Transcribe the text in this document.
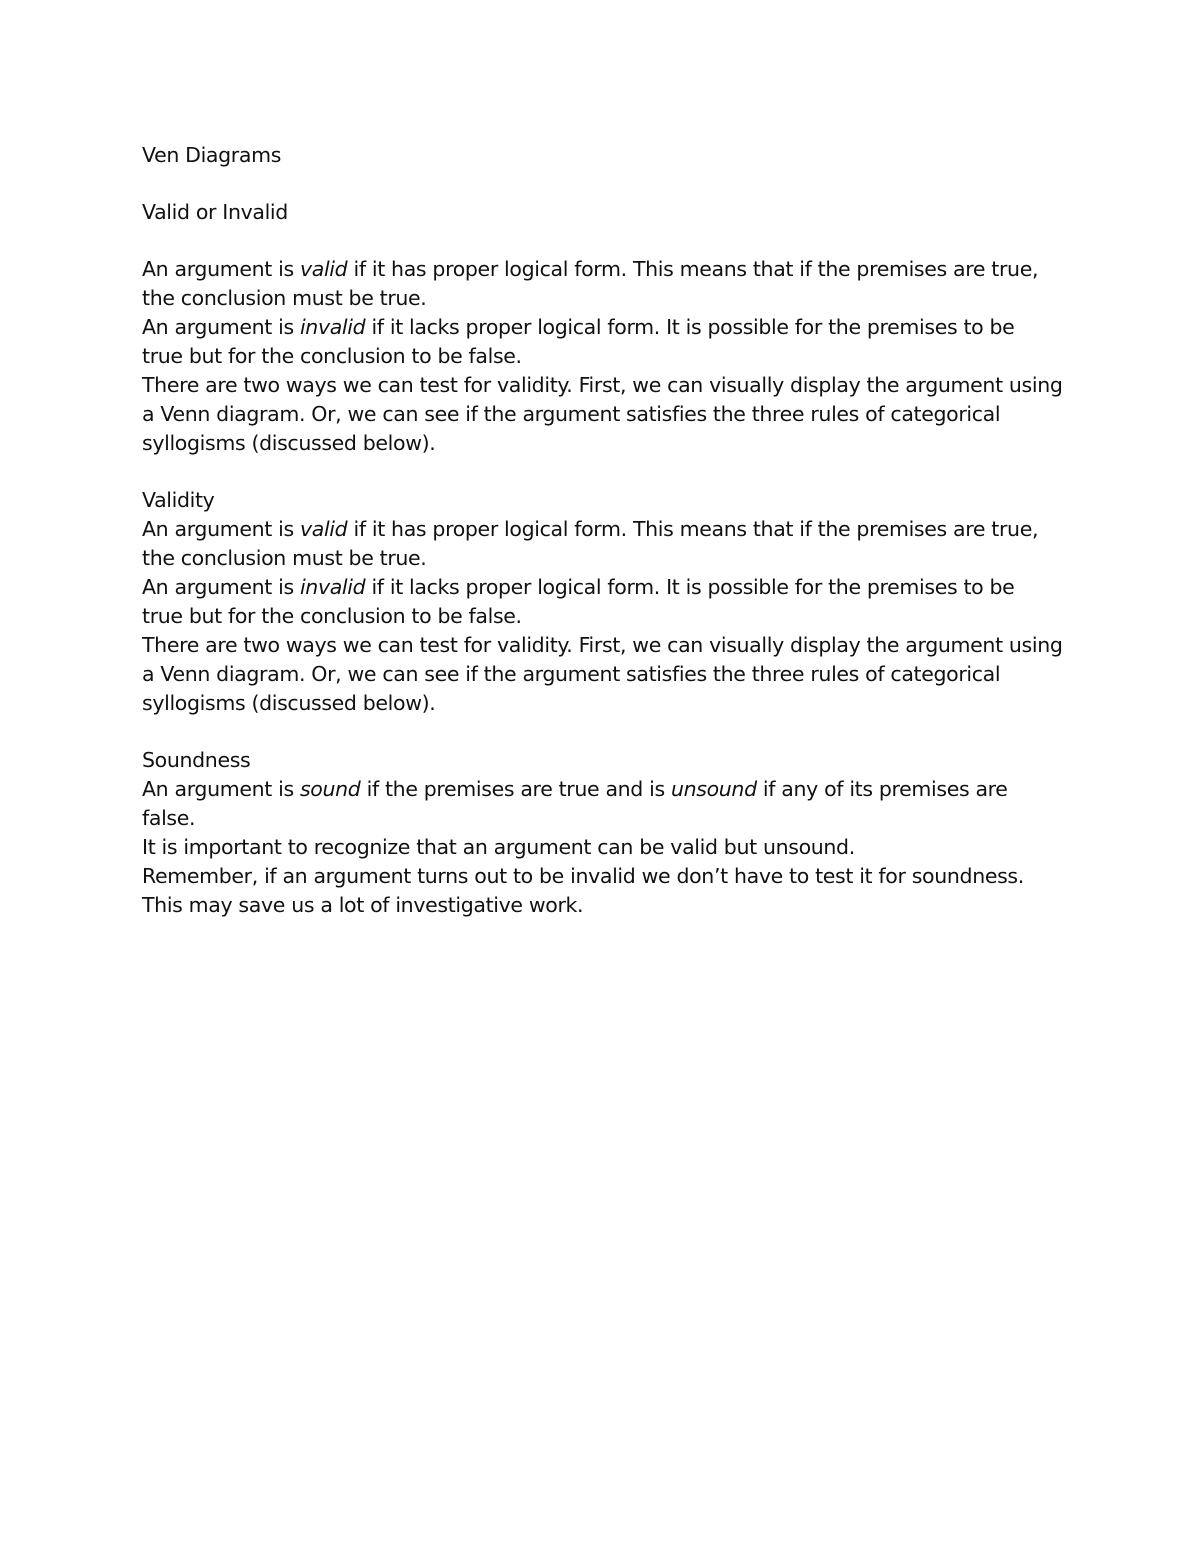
Ven Diagrams
Valid or Invalid
An argument is valid if it has proper logical form. This means that if the premises are true,
the conclusion must be true.
An argument is invalid if it lacks proper logical form. It is possible for the premises to be
true but for the conclusion to be false.
There are two ways we can test for validity. First, we can visually display the argument using
a Venn diagram. Or, we can see if the argument satisfies the three rules of categorical
syllogisms (discussed below).
Validity
An argument is valid if it has proper logical form. This means that if the premises are true,
the conclusion must be true.
An argument is invalid if it lacks proper logical form. It is possible for the premises to be
true but for the conclusion to be false.
There are two ways we can test for validity. First, we can visually display the argument using
a Venn diagram. Or, we can see if the argument satisfies the three rules of categorical
syllogisms (discussed below).
Soundness
An argument is sound if the premises are true and is unsound if any of its premises are
false.
It is important to recognize that an argument can be valid but unsound.
Remember, if an argument turns out to be invalid we don’t have to test it for soundness.
This may save us a lot of investigative work.
